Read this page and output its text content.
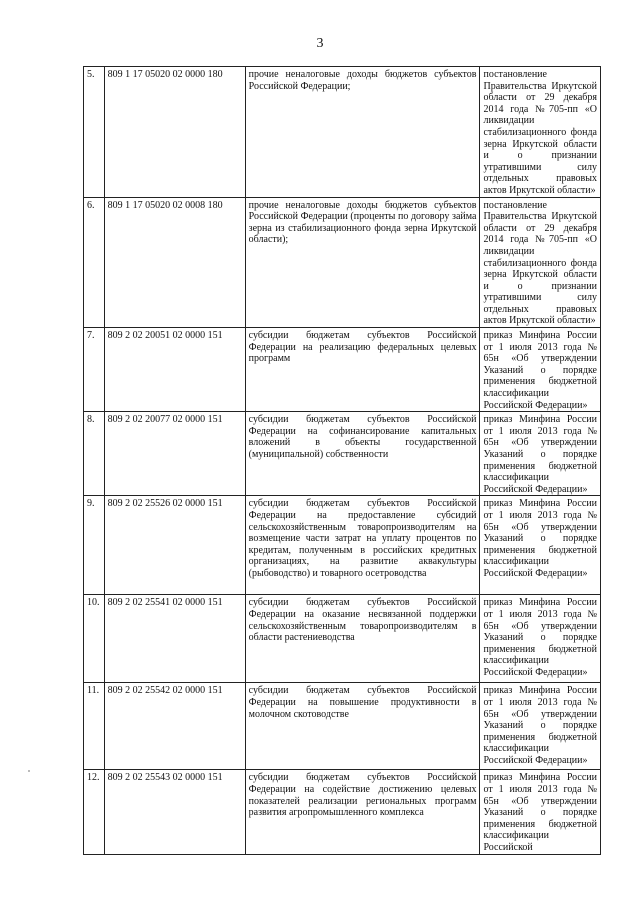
3
5.	809 1 17 05020 02 0000 180	прочие неналоговые доходы бюджетов субъектов Российской Федерации;	постановление Правительства Иркутской области от 29 декабря 2014 года №705-пп «О ликвидации стабилизационного фонда зерна Иркутской области и о признании утратившими силу отдельных правовых актов Иркутской области»
6.	809 1 17 05020 02 0008 180	прочие неналоговые доходы бюджетов субъектов Российской Федерации (проценты по договору займа зерна из стабилизационного фонда зерна Иркутской области);	постановление Правительства Иркутской области от 29 декабря 2014 года №705-пп «О ликвидации стабилизационного фонда зерна Иркутской области и о признании утратившими силу отдельных правовых актов Иркутской области»
7.	809 2 02 20051 02 0000 151	субсидии бюджетам субъектов Российской Федерации на реализацию федеральных целевых программ	приказ Минфина России от 1 июля 2013 года № 65н «Об утверждении Указаний о порядке применения бюджетной классификации Российской Федерации»
8.	809 2 02 20077 02 0000 151	субсидии бюджетам субъектов Российской Федерации на софинансирование капитальных вложений в объекты государственной (муниципальной) собственности	приказ Минфина России от 1 июля 2013 года № 65н «Об утверждении Указаний о порядке применения бюджетной классификации Российской Федерации»
9.	809 2 02 25526 02 0000 151	субсидии бюджетам субъектов Российской Федерации на предоставление субсидий сельскохозяйственным товаропроизводителям на возмещение части затрат на уплату процентов по кредитам, полученным в российских кредитных организациях, на развитие аквакультуры (рыбоводство) и товарного осетроводства	приказ Минфина России от 1 июля 2013 года № 65н «Об утверждении Указаний о порядке применения бюджетной классификации Российской Федерации»
10.	809 2 02 25541 02 0000 151	субсидии бюджетам субъектов Российской Федерации на оказание несвязанной поддержки сельскохозяйственным товаропроизводителям в области растениеводства	приказ Минфина России от 1 июля 2013 года № 65н «Об утверждении Указаний о порядке применения бюджетной классификации Российской Федерации»
11.	809 2 02 25542 02 0000 151	субсидии бюджетам субъектов Российской Федерации на повышение продуктивности в молочном скотоводстве	приказ Минфина России от 1 июля 2013 года № 65н «Об утверждении Указаний о порядке применения бюджетной классификации Российской Федерации»
12.	809 2 02 25543 02 0000 151	субсидии бюджетам субъектов Российской Федерации на содействие достижению целевых показателей реализации региональных программ развития агропромышленного комплекса	приказ Минфина России от 1 июля 2013 года № 65н «Об утверждении Указаний о порядке применения бюджетной классификации Российской
